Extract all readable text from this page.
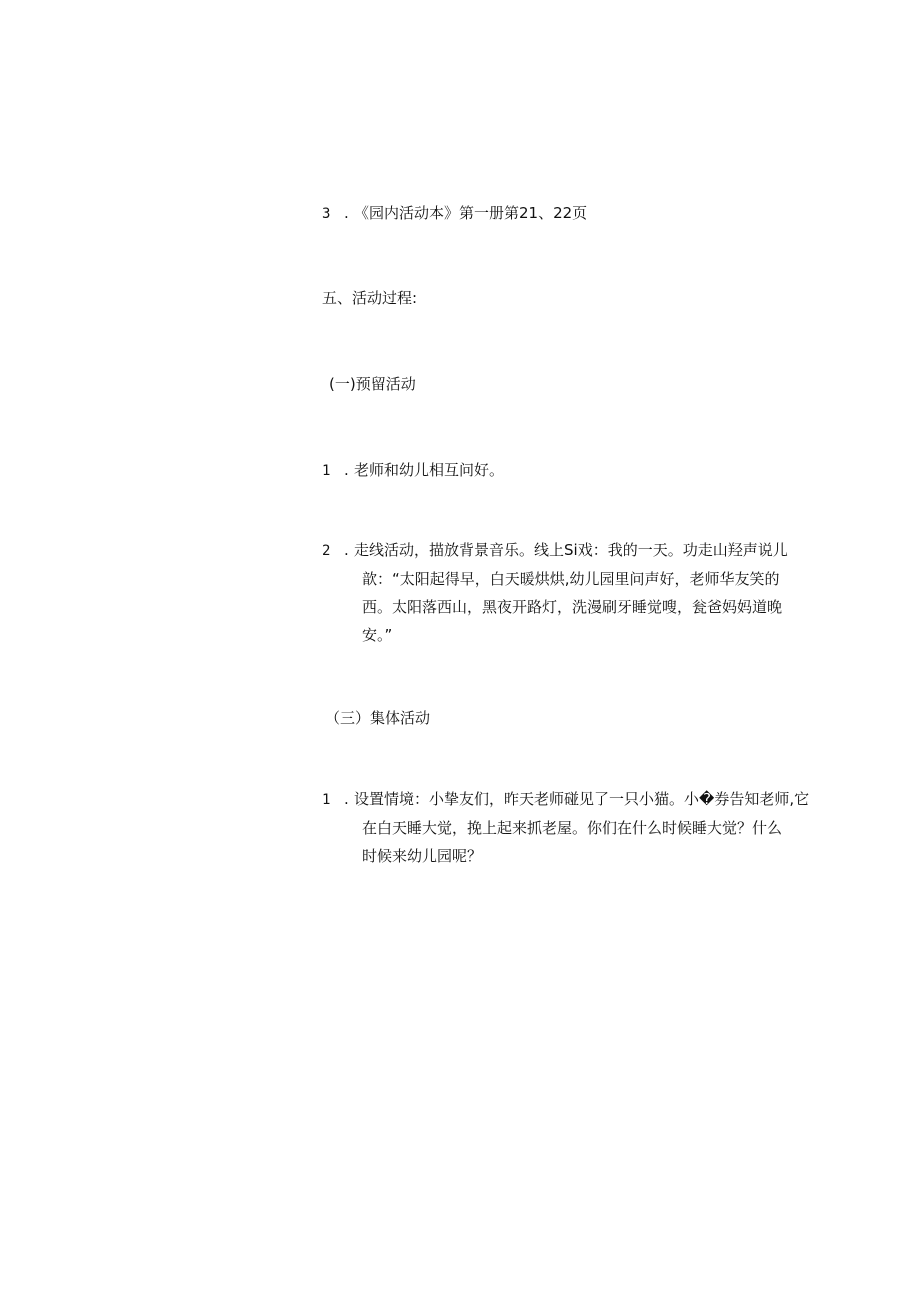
3 . 《园内活动本》第一册第21、22页
五、活动过程:
(一)预留活动
1 . 老师和幼儿相互问好。
2 . 走线活动，描放背景音乐。线上Si戏：我的一天。功走山羟声说儿
歆：“太阳起得早，白天暖烘烘,幼儿园里问声好，老师华友笑的
西。太阳落西山，黑夜开路灯，洗漫刷牙睡觉嗖，瓮爸妈妈道晚
安。”
（三）集体活动
1 . 设置情境：小挚友们，昨天老师碰见了一只小猫。小�券告知老师,它
在白天睡大觉，挽上起来抓老屋。你们在什么时候睡大觉？什么
时候来幼儿园呢？
